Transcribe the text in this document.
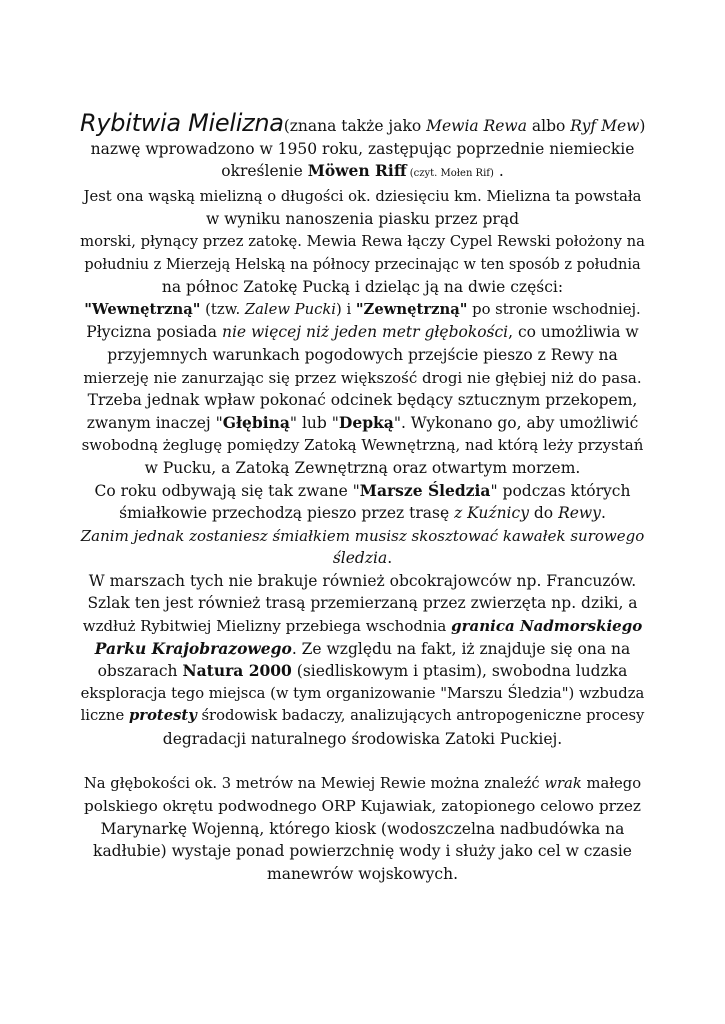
Rybitwia Mielizna(znana także jako Mewia Rewa albo Ryf Mew)
nazwę wprowadzono w 1950 roku, zastępując poprzednie niemieckie
określenie Möwen Riff (czyt. Mołen Rif) .
Jest ona wąską mielizną o długości ok. dziesięciu km. Mielizna ta powstała
w wyniku nanoszenia piasku przez prąd
morski, płynący przez zatokę. Mewia Rewa łączy Cypel Rewski położony na
południu z Mierzeją Helską na północy przecinając w ten sposób z południa
na północ Zatokę Pucką i dzieląc ją na dwie części:
"Wewnętrzną" (tzw. Zalew Pucki) i "Zewnętrzną" po stronie wschodniej.
Płycizna posiada nie więcej niż jeden metr głębokości, co umożliwia w
przyjemnych warunkach pogodowych przejście pieszo z Rewy na
mierzeję nie zanurzając się przez większość drogi nie głębiej niż do pasa.
Trzeba jednak wpław pokonać odcinek będący sztucznym przekopem,
zwanym inaczej "Głębiną" lub "Depką". Wykonano go, aby umożliwić
swobodną żeglugę pomiędzy Zatoką Wewnętrzną, nad którą leży przystań
w Pucku, a Zatoką Zewnętrzną oraz otwartym morzem.
Co roku odbywają się tak zwane "Marsze Śledzia" podczas których
śmiałkowie przechodzą pieszo przez trasę z Kuźnicy do Rewy.
Zanim jednak zostaniesz śmiałkiem musisz skosztować kawałek surowego
śledzia.
W marszach tych nie brakuje również obcokrajowców np. Francuzów.
Szlak ten jest również trasą przemierzaną przez zwierzęta np. dziki, a
wzdłuż Rybitwiej Mielizny przebiega wschodnia granica Nadmorskiego
Parku Krajobrazowego. Ze względu na fakt, iż znajduje się ona na
obszarach Natura 2000 (siedliskowym i ptasim), swobodna ludzka
eksploracja tego miejsca (w tym organizowanie "Marszu Śledzia") wzbudza
liczne protesty środowisk badaczy, analizujących antropogeniczne procesy
degradacji naturalnego środowiska Zatoki Puckiej.
Na głębokości ok. 3 metrów na Mewiej Rewie można znaleźć wrak małego
polskiego okrętu podwodnego ORP Kujawiak, zatopionego celowo przez
Marynarkę Wojenną, którego kiosk (wodoszczelna nadbudówka na
kadłubie) wystaje ponad powierzchnię wody i służy jako cel w czasie
manewrów wojskowych.
